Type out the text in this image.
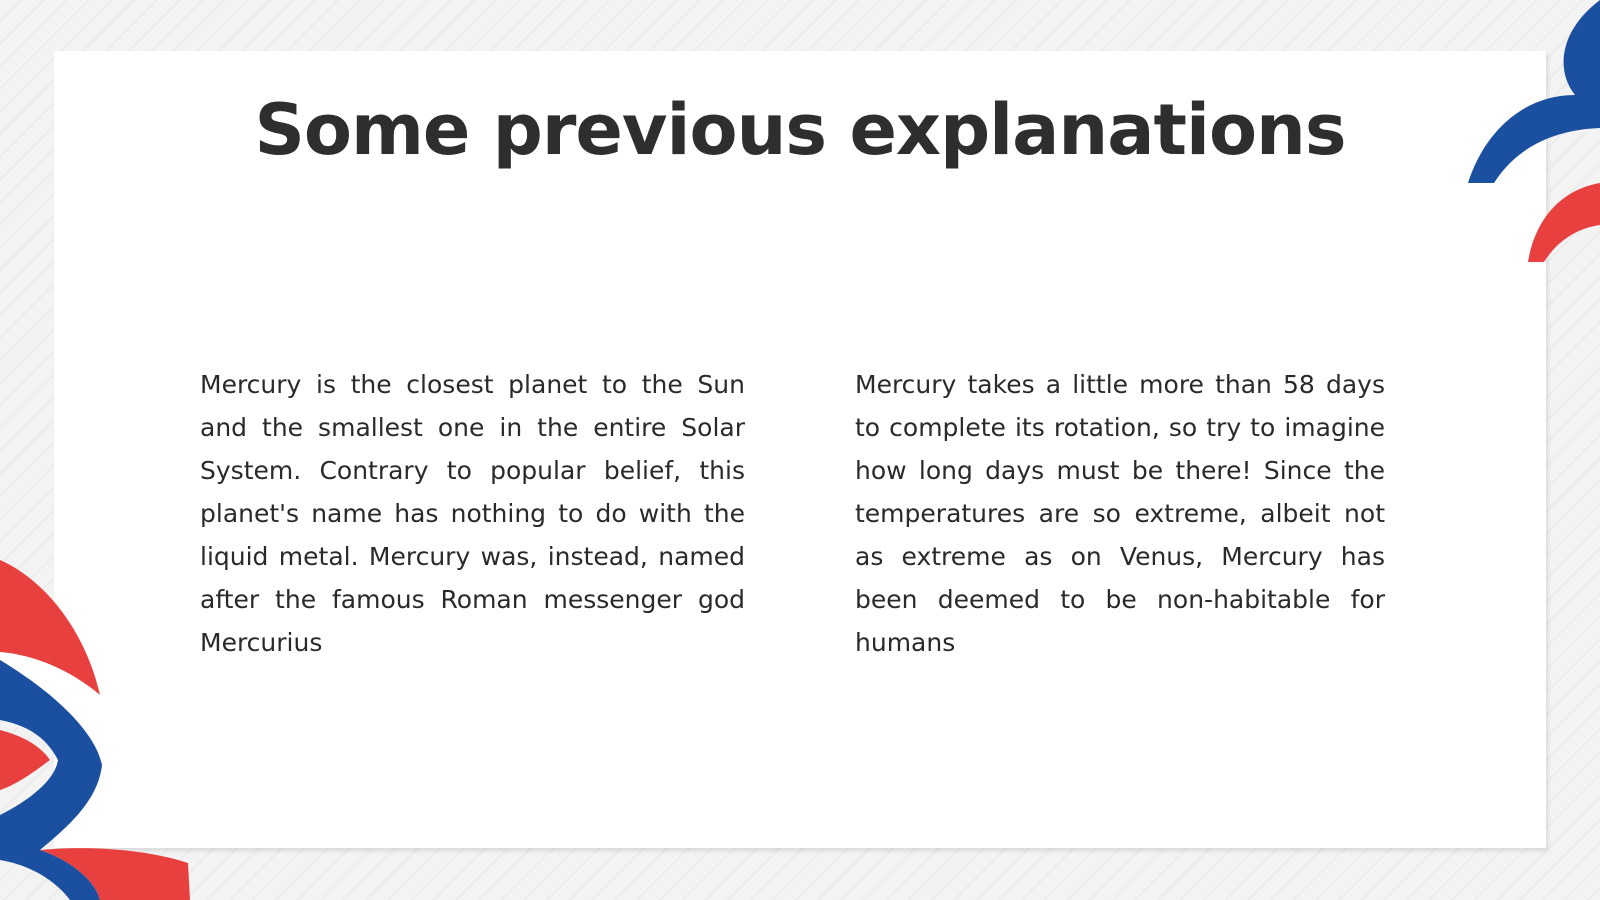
Some previous explanations

Mercury is the closest planet to the Sun and the smallest one in the entire Solar System. Contrary to popular belief, this planet's name has nothing to do with the liquid metal. Mercury was, instead, named after the famous Roman messenger god Mercurius

Mercury takes a little more than 58 days to complete its rotation, so try to imagine how long days must be there! Since the temperatures are so extreme, albeit not as extreme as on Venus, Mercury has been deemed to be non-habitable for humans
